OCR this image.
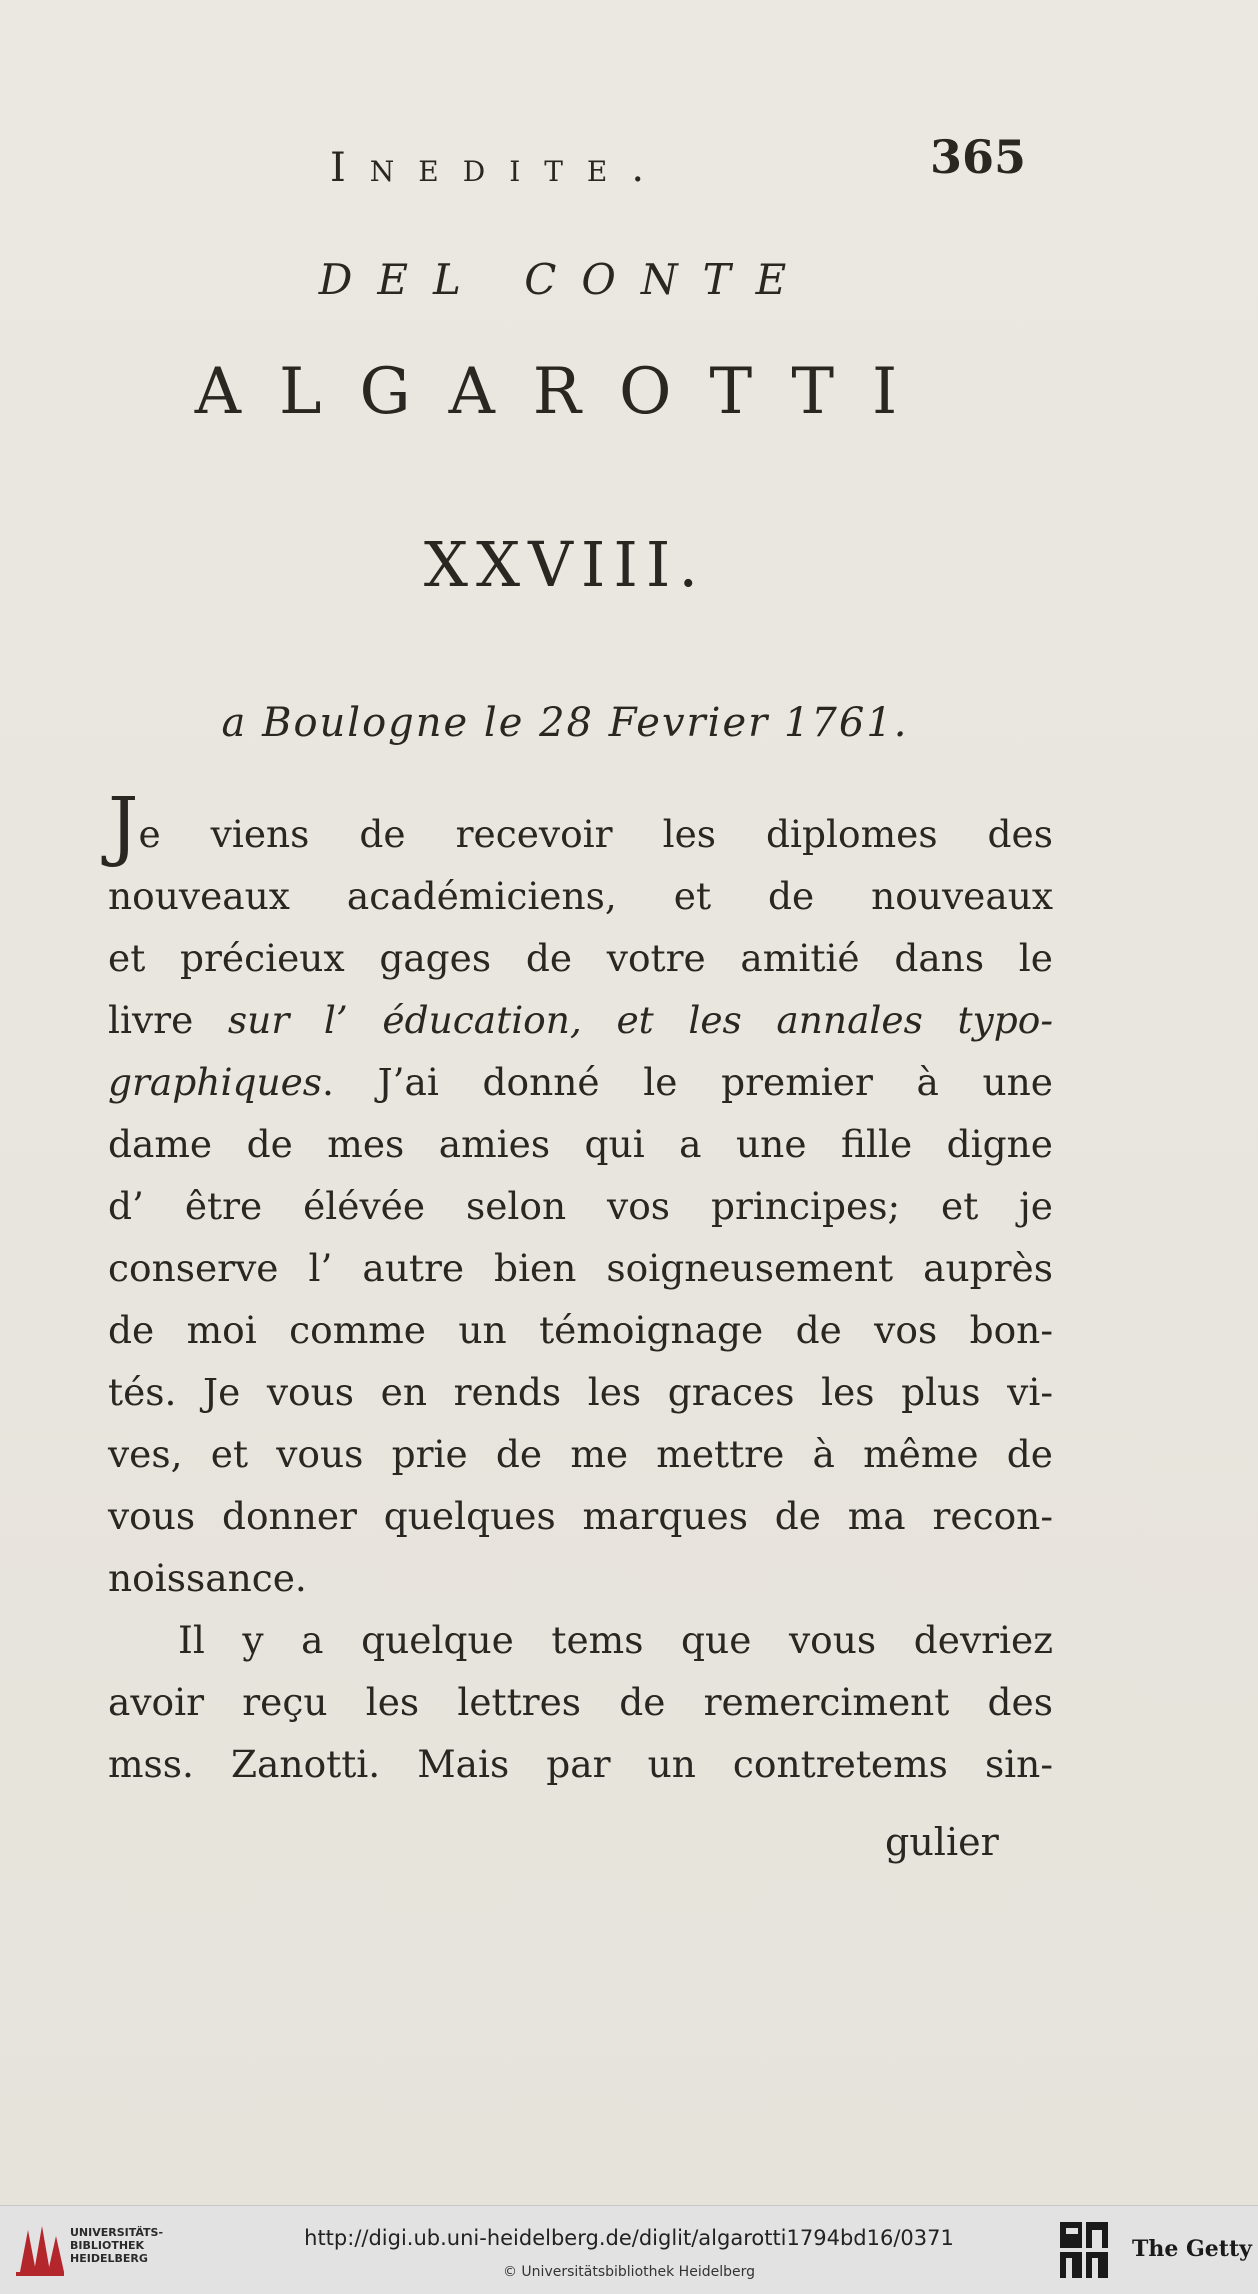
Inedite.	365
DEL CONTE
ALGAROTTI
XXVIII.
a Boulogne le 28 Fevrier 1761.
Je viens de recevoir les diplomes des
nouveaux académiciens, et de nouveaux
et précieux gages de votre amitié dans le
livre sur l’ éducation, et les annales typo-
graphiques. J’ai donné le premier à une
dame de mes amies qui a une fille digne
d’ être élévée selon vos principes; et je
conserve l’ autre bien soigneusement auprès
de moi comme un témoignage de vos bon-
tés. Je vous en rends les graces les plus vi-
ves, et vous prie de me mettre à même de
vous donner quelques marques de ma recon-
noissance.
Il y a quelque tems que vous devriez
avoir reçu les lettres de remerciment des
mss. Zanotti. Mais par un contretems sin-
gulier
UNIVERSITÄTS-
BIBLIOTHEK
HEIDELBERG
http://digi.ub.uni-heidelberg.de/diglit/algarotti1794bd16/0371
© Universitätsbibliothek Heidelberg
The Getty
